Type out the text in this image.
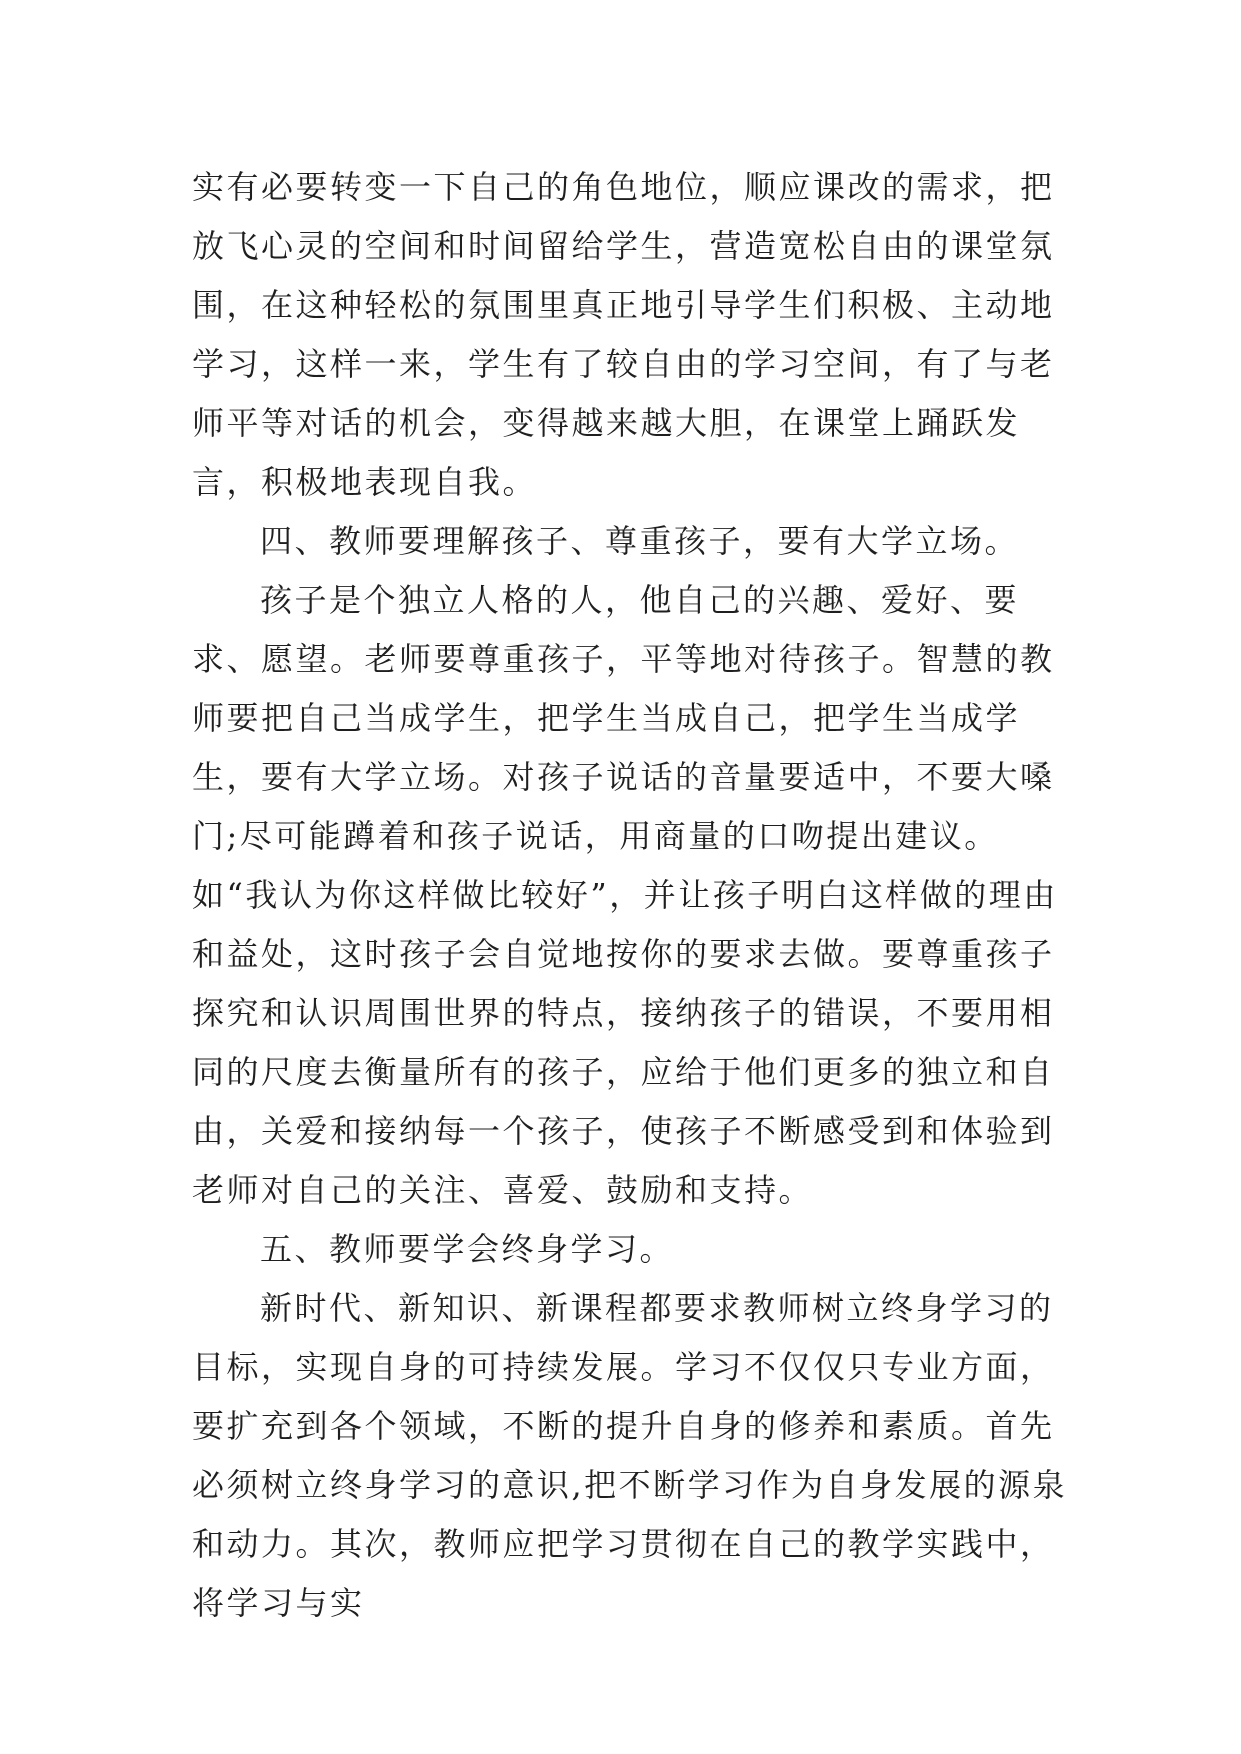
实有必要转变一下自己的角色地位，顺应课改的需求，把放飞心灵的空间和时间留给学生，营造宽松自由的课堂氛围，在这种轻松的氛围里真正地引导学生们积极、主动地学习，这样一来，学生有了较自由的学习空间，有了与老师平等对话的机会，变得越来越大胆，在课堂上踊跃发言，积极地表现自我。

四、教师要理解孩子、尊重孩子，要有大学立场。

孩子是个独立人格的人，他自己的兴趣、爱好、要求、愿望。老师要尊重孩子，平等地对待孩子。智慧的教师要把自己当成学生，把学生当成自己，把学生当成学生，要有大学立场。对孩子说话的音量要适中，不要大嗓门;尽可能蹲着和孩子说话，用商量的口吻提出建议。如“我认为你这样做比较好”，并让孩子明白这样做的理由和益处，这时孩子会自觉地按你的要求去做。要尊重孩子探究和认识周围世界的特点，接纳孩子的错误，不要用相同的尺度去衡量所有的孩子，应给于他们更多的独立和自由，关爱和接纳每一个孩子，使孩子不断感受到和体验到老师对自己的关注、喜爱、鼓励和支持。

五、教师要学会终身学习。

新时代、新知识、新课程都要求教师树立终身学习的目标，实现自身的可持续发展。学习不仅仅只专业方面，要扩充到各个领域，不断的提升自身的修养和素质。首先必须树立终身学习的意识,把不断学习作为自身发展的源泉和动力。其次，教师应把学习贯彻在自己的教学实践中，将学习与实
